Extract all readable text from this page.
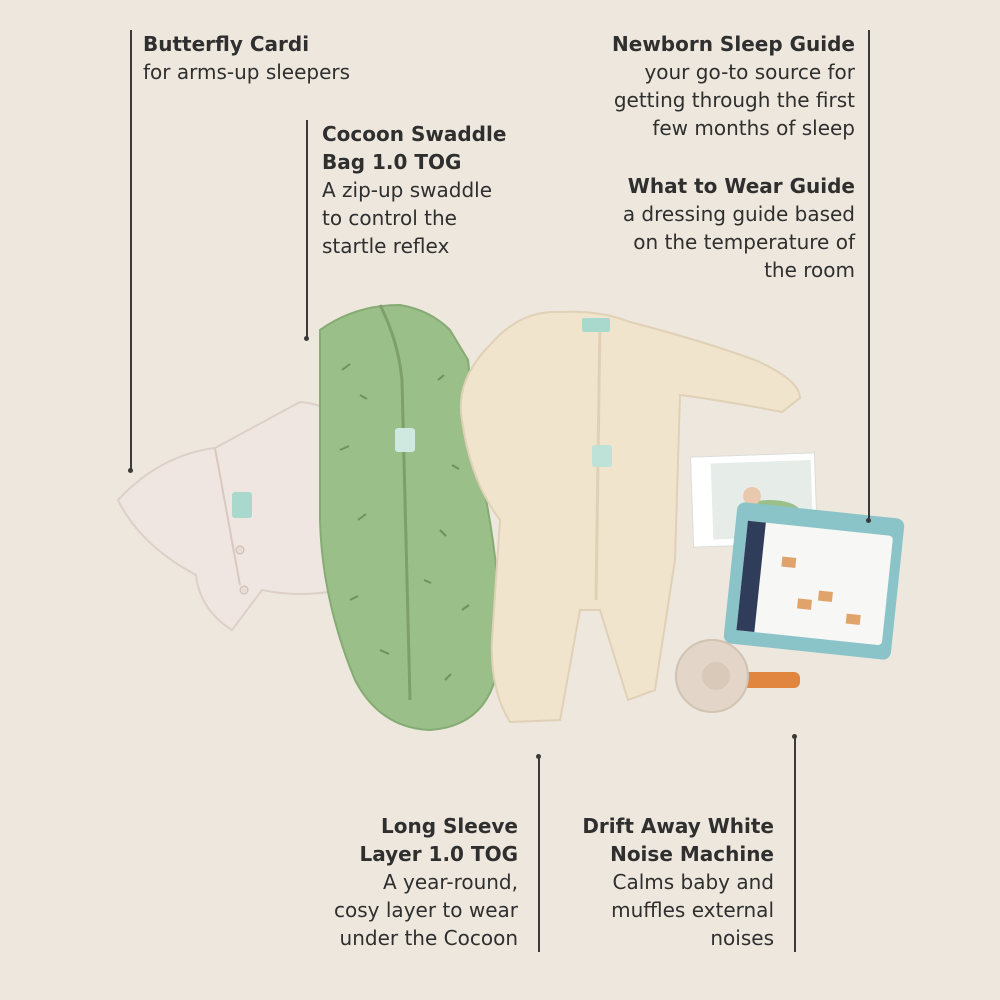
Butterfly Cardi
for arms-up sleepers
Cocoon Swaddle
Bag 1.0 TOG
A zip-up swaddle
to control the
startle reflex
Newborn Sleep Guide
your go-to source for
getting through the first
few months of sleep
What to Wear Guide
a dressing guide based
on the temperature of
the room
Long Sleeve
Layer 1.0 TOG
A year-round,
cosy layer to wear
under the Cocoon
Drift Away White
Noise Machine
Calms baby and
muffles external
noises
